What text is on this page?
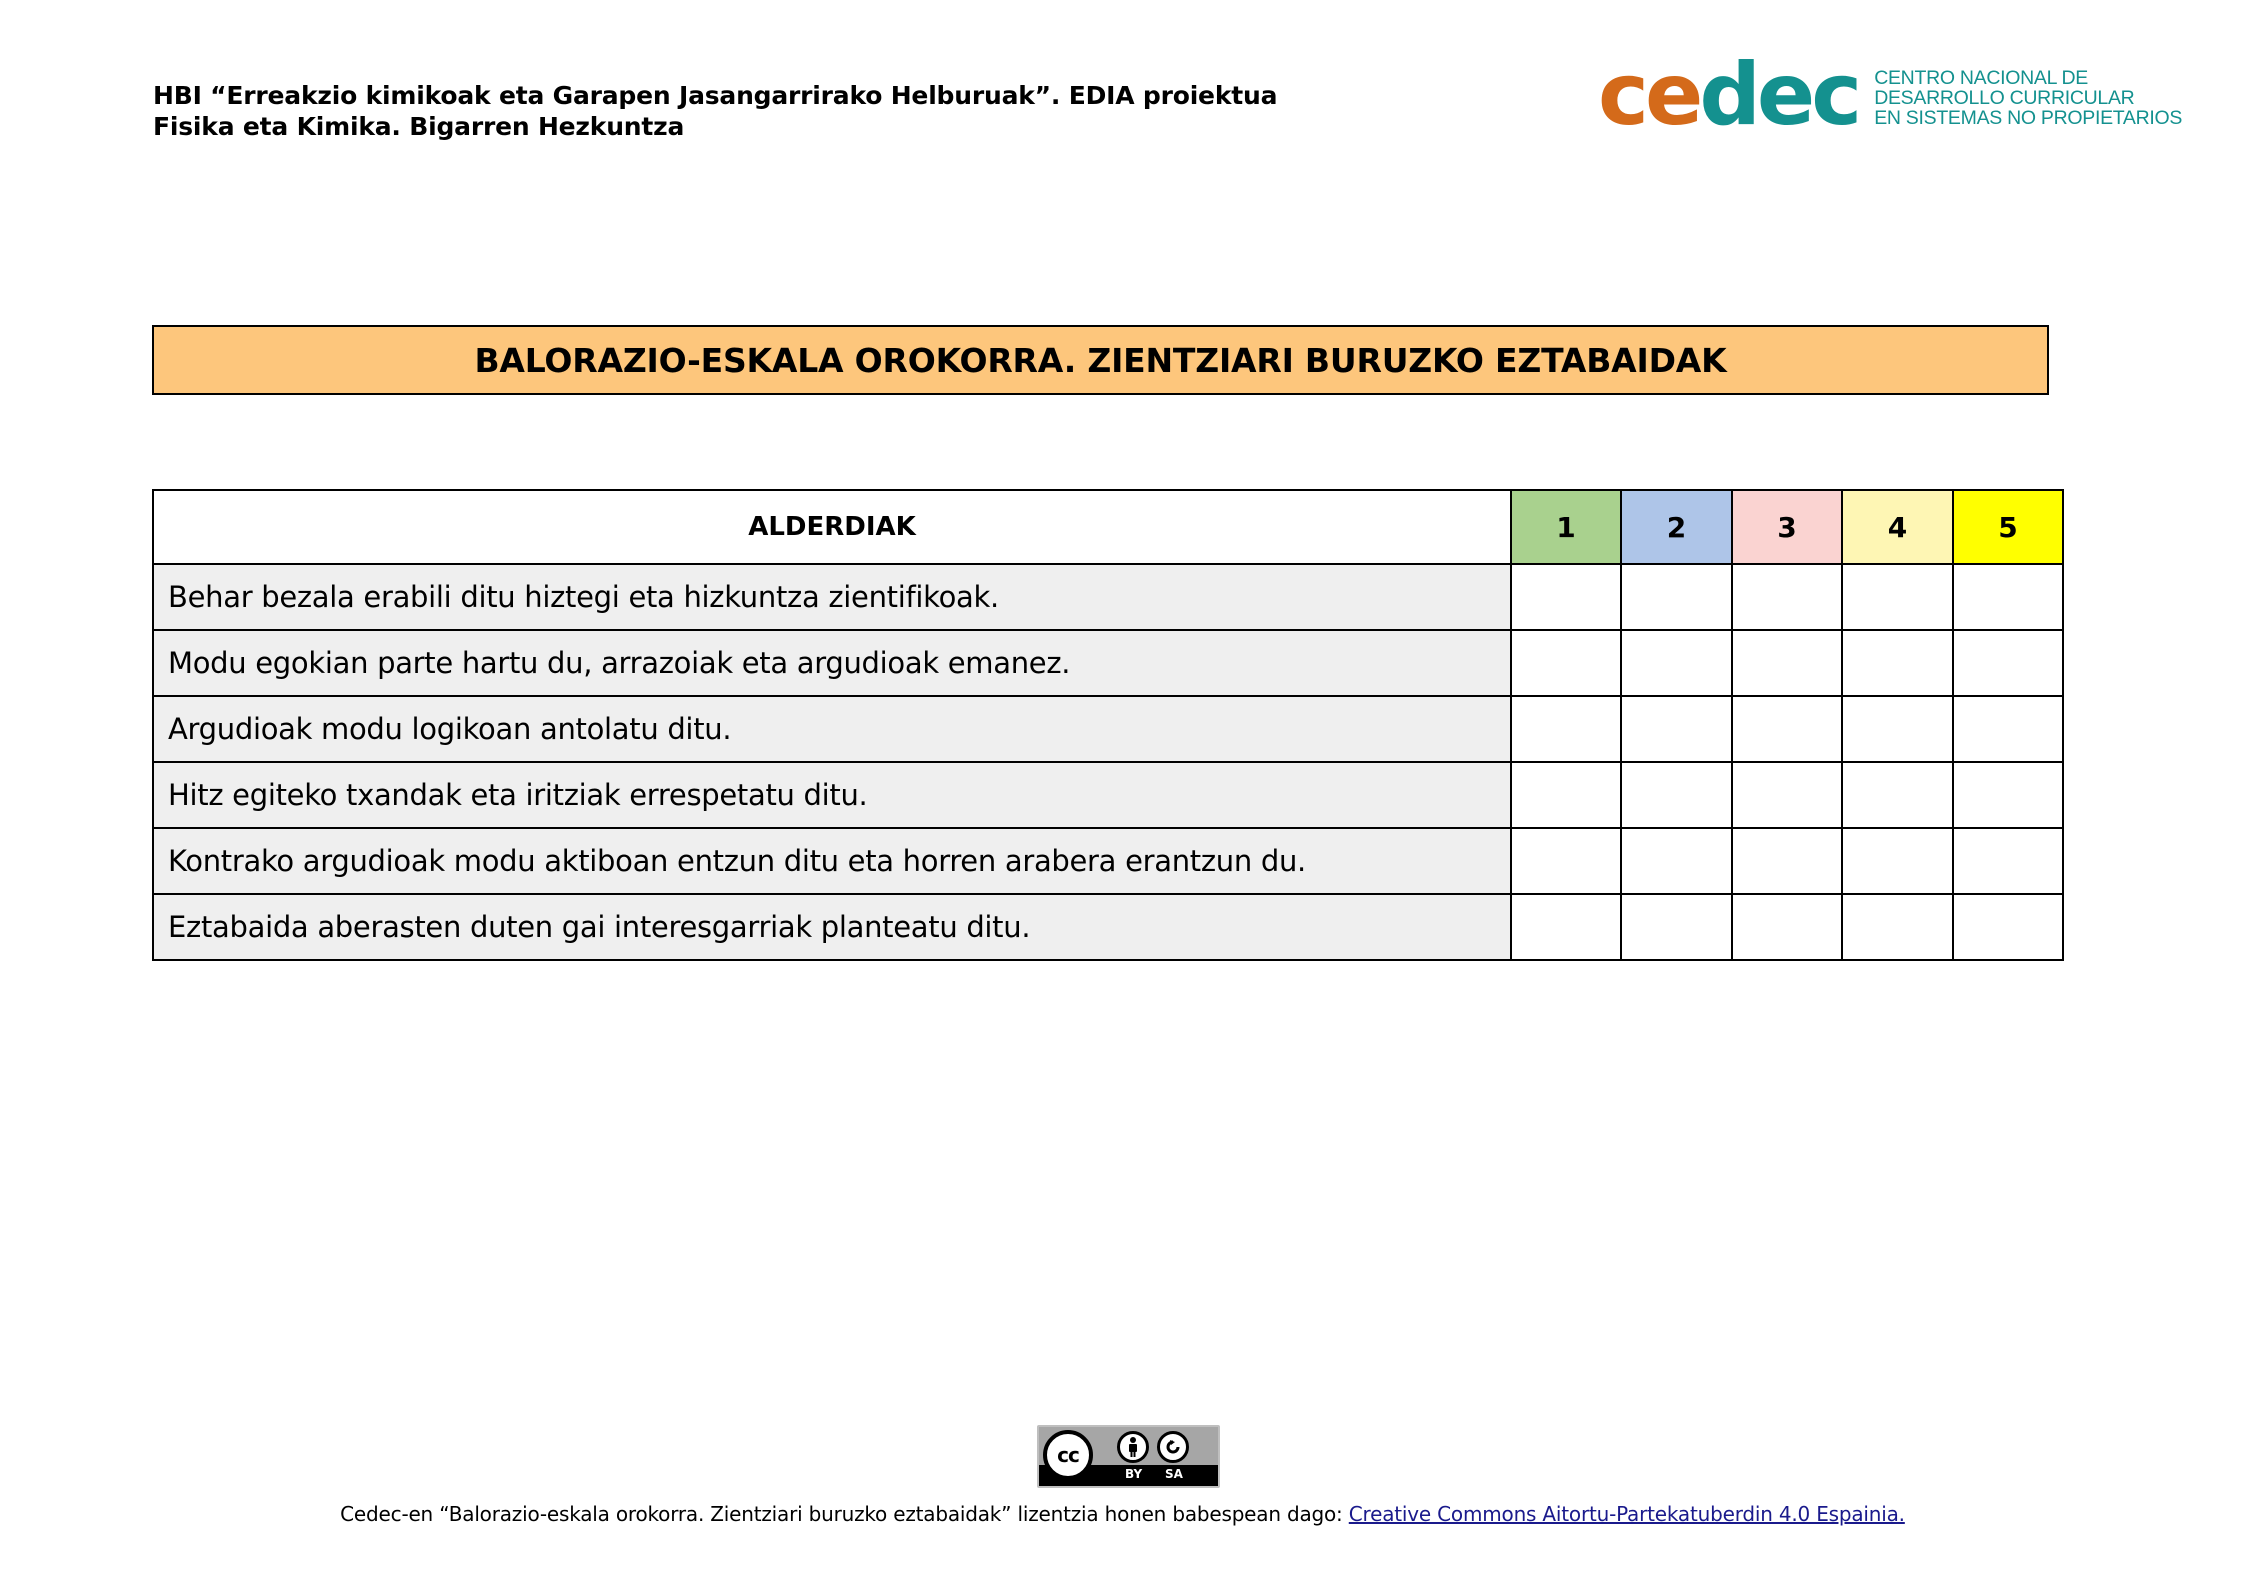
HBI “Erreakzio kimikoak eta Garapen Jasangarrirako Helburuak”. EDIA proiektua
Fisika eta Kimika. Bigarren Hezkuntza	cedec CENTRO NACIONAL DE
DESARROLLO CURRICULAR
EN SISTEMAS NO PROPIETARIOS
BALORAZIO-ESKALA OROKORRA. ZIENTZIARI BURUZKO EZTABAIDAK
ALDERDIAK	1	2	3	4	5
Behar bezala erabili ditu hiztegi eta hizkuntza zientifikoak.					
Modu egokian parte hartu du, arrazoiak eta argudioak emanez.					
Argudioak modu logikoan antolatu ditu.					
Hitz egiteko txandak eta iritziak errespetatu ditu.					
Kontrako argudioak modu aktiboan entzun ditu eta horren arabera erantzun du.					
Eztabaida aberasten duten gai interesgarriak planteatu ditu.					
cc
BY SA
Cedec-en “Balorazio-eskala orokorra. Zientziari buruzko eztabaidak” lizentzia honen babespean dago: Creative Commons Aitortu-Partekatuberdin 4.0 Espainia.
